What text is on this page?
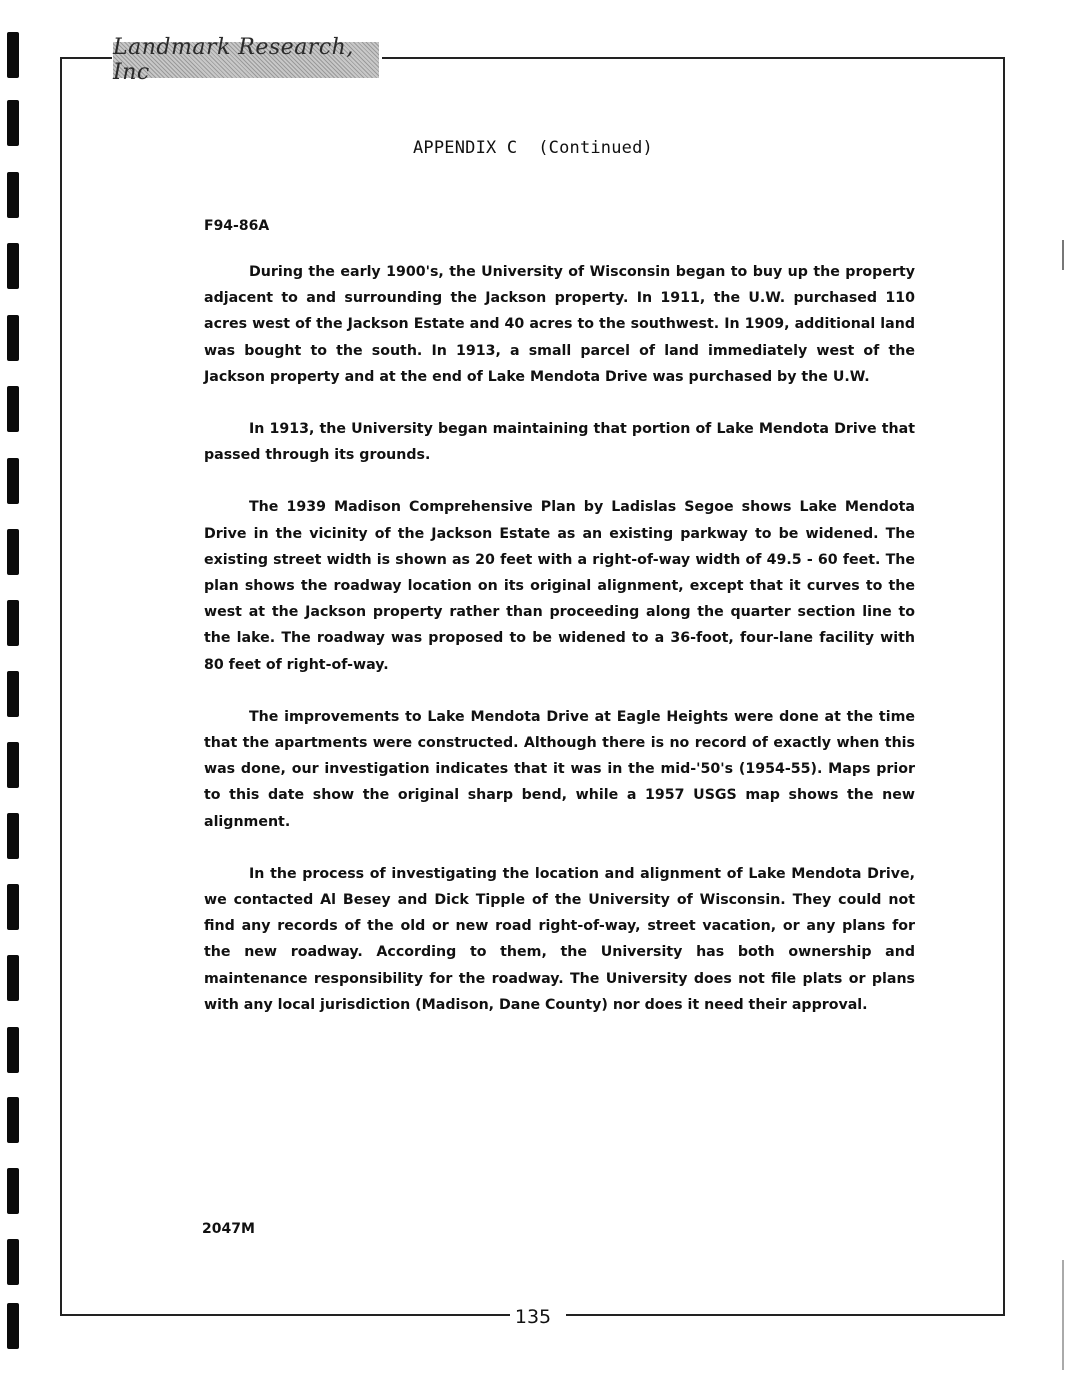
Landmark Research, Inc
APPENDIX C  (Continued)
F94-86A

During the early 1900's, the University of Wisconsin began to buy up the property adjacent to and surrounding the Jackson property. In 1911, the U.W. purchased 110 acres west of the Jackson Estate and 40 acres to the southwest. In 1909, additional land was bought to the south. In 1913, a small parcel of land immediately west of the Jackson property and at the end of Lake Mendota Drive was purchased by the U.W.

In 1913, the University began maintaining that portion of Lake Mendota Drive that passed through its grounds.

The 1939 Madison Comprehensive Plan by Ladislas Segoe shows Lake Mendota Drive in the vicinity of the Jackson Estate as an existing parkway to be widened. The existing street width is shown as 20 feet with a right-of-way width of 49.5 - 60 feet. The plan shows the roadway location on its original alignment, except that it curves to the west at the Jackson property rather than proceeding along the quarter section line to the lake. The roadway was proposed to be widened to a 36-foot, four-lane facility with 80 feet of right-of-way.

The improvements to Lake Mendota Drive at Eagle Heights were done at the time that the apartments were constructed. Although there is no record of exactly when this was done, our investigation indicates that it was in the mid-'50's (1954-55). Maps prior to this date show the original sharp bend, while a 1957 USGS map shows the new alignment.

In the process of investigating the location and alignment of Lake Mendota Drive, we contacted Al Besey and Dick Tipple of the University of Wisconsin. They could not find any records of the old or new road right-of-way, street vacation, or any plans for the new roadway. According to them, the University has both ownership and maintenance responsibility for the roadway. The University does not file plats or plans with any local jurisdiction (Madison, Dane County) nor does it need their approval.

2047M
135
